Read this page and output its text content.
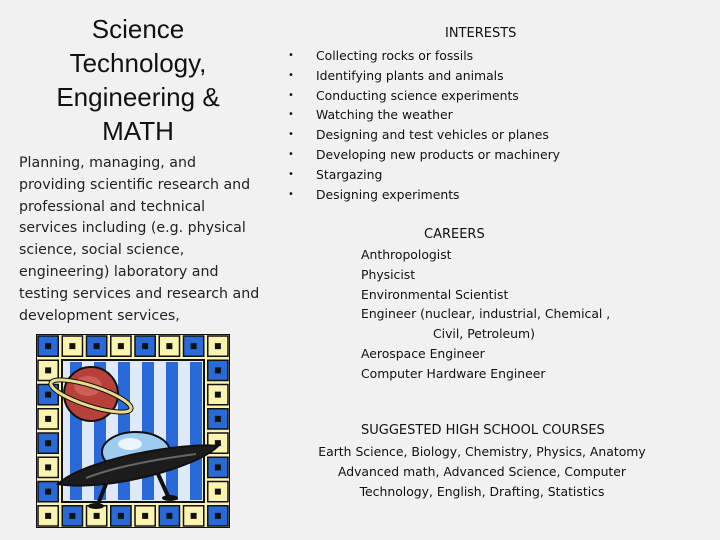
Science
Technology,
Engineering &
MATH
Planning, managing, and
providing scientific research and
professional and technical
services including (e.g. physical
science, social science,
engineering) laboratory and
testing services and research and
development services,
INTERESTS
• Collecting rocks or fossils
• Identifying plants and animals
• Conducting science experiments
• Watching the weather
• Designing and test vehicles or planes
• Developing new products or machinery
• Stargazing
• Designing experiments
CAREERS
Anthropologist
Physicist
Environmental Scientist
Engineer (nuclear, industrial, Chemical ,
Civil, Petroleum)
Aerospace Engineer
Computer Hardware Engineer
SUGGESTED HIGH SCHOOL COURSES
Earth Science, Biology, Chemistry, Physics, Anatomy
Advanced math, Advanced Science, Computer
Technology, English, Drafting, Statistics
